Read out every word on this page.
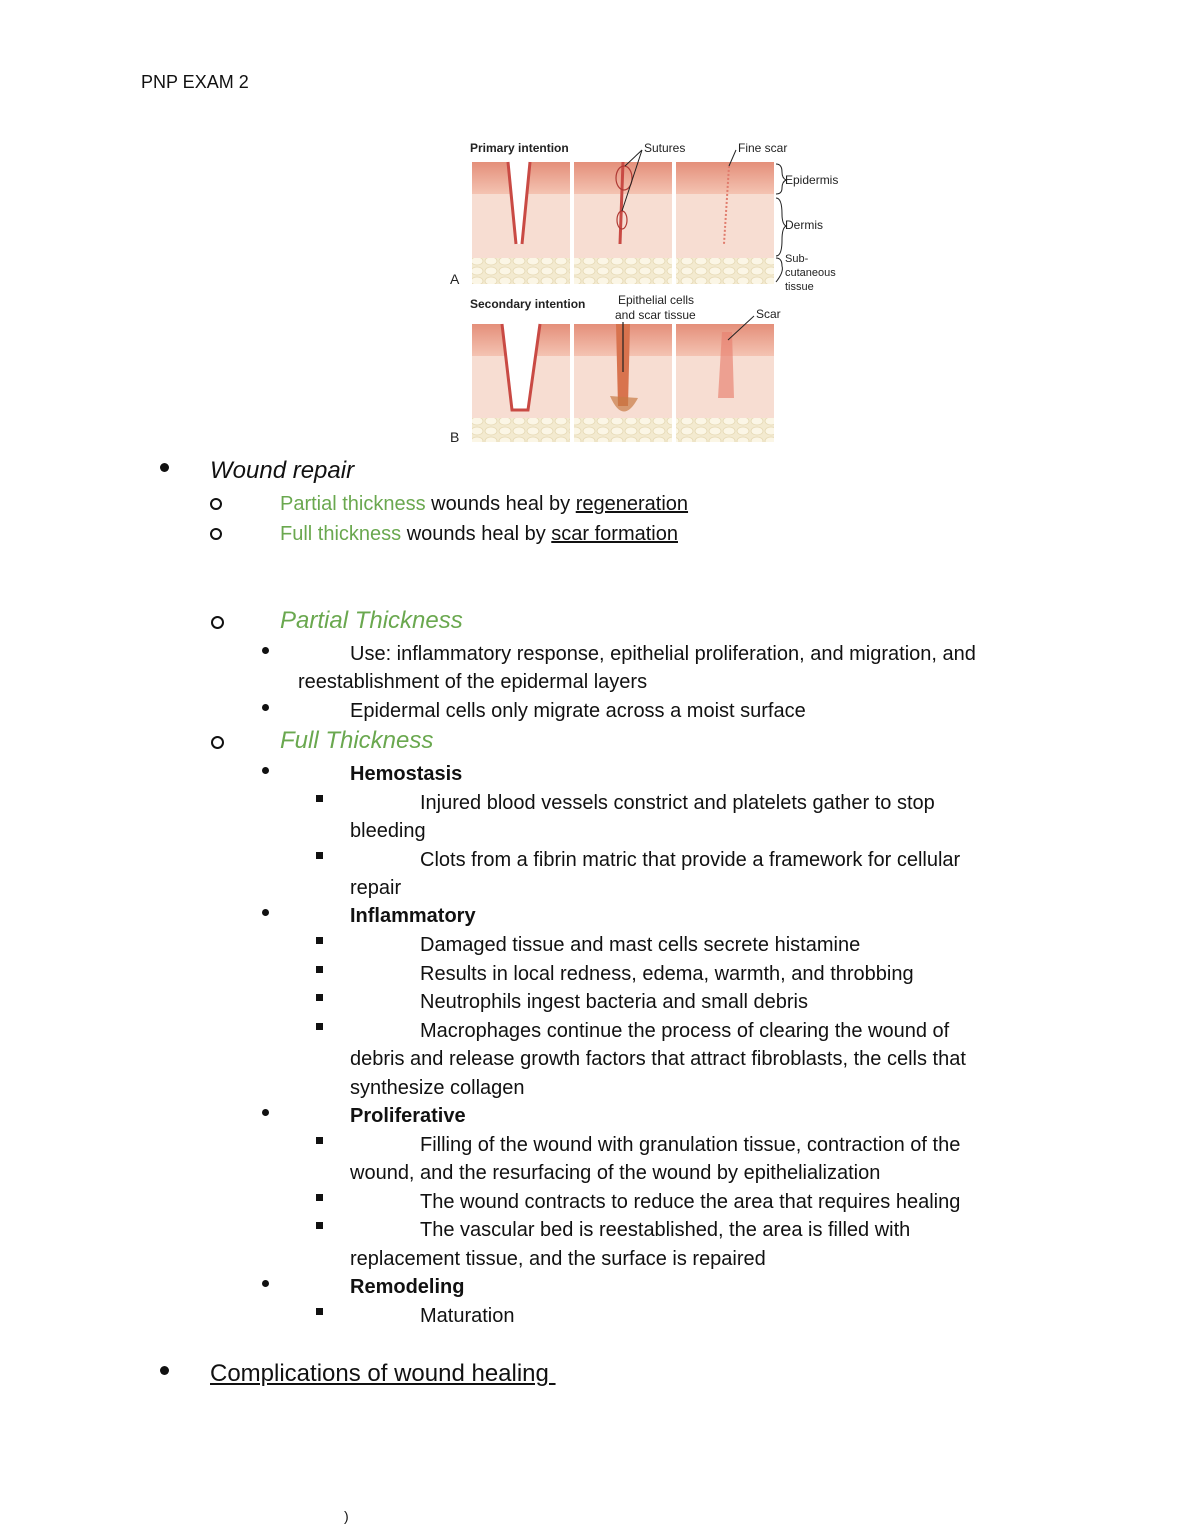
PNP EXAM 2
Primary intention	Sutures	Fine scar
Epidermis
Dermis
Sub-
cutaneous
tissue
A
Secondary intention	Epithelial cells
and scar tissue	Scar
B
Wound repair
Partial thickness wounds heal by regeneration
Full thickness wounds heal by scar formation
Partial Thickness
Use: inflammatory response, epithelial proliferation, and migration, and
reestablishment of the epidermal layers
Epidermal cells only migrate across a moist surface
Full Thickness
Hemostasis
Injured blood vessels constrict and platelets gather to stop
bleeding
Clots from a fibrin matric that provide a framework for cellular
repair
Inflammatory
Damaged tissue and mast cells secrete histamine
Results in local redness, edema, warmth, and throbbing
Neutrophils ingest bacteria and small debris
Macrophages continue the process of clearing the wound of
debris and release growth factors that attract fibroblasts, the cells that
synthesize collagen
Proliferative
Filling of the wound with granulation tissue, contraction of the
wound, and the resurfacing of the wound by epithelialization
The wound contracts to reduce the area that requires healing
The vascular bed is reestablished, the area is filled with
replacement tissue, and the surface is repaired
Remodeling
Maturation
Complications of wound healing
)
